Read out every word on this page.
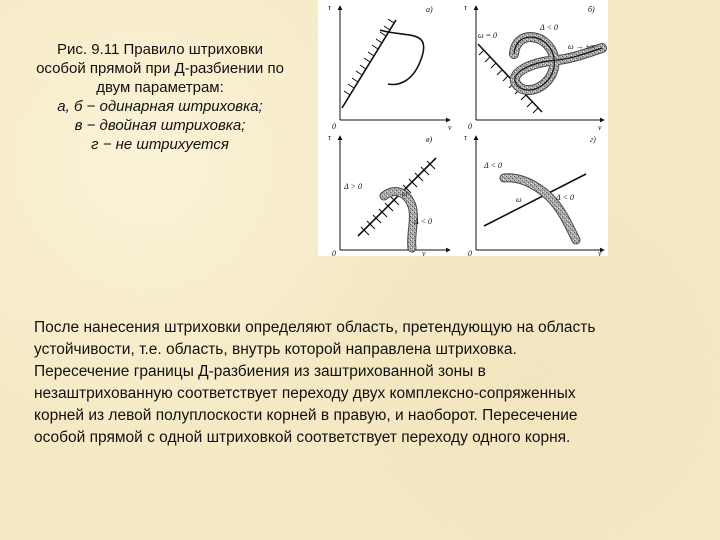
Рис. 9.11 Правило штриховки
особой прямой при Д-разбиении по
двум параметрам:
а, б − одинарная штриховка;
в − двойная штриховка;
г − не штрихуется
τ
ν
0
a)	τ
ν
0
б)
ω = 0
Δ < 0
ω → ±∞
τ
ν
0
в)
Δ > 0
ω
Δ < 0
τ
ν
0
г)
Δ < 0
ω	Δ < 0

После нанесения штриховки определяют область, претендующую на область

устойчивости, т.е. область, внутрь которой направлена штриховка.

Пересечение границы Д-разбиения из заштрихованной зоны в

незаштрихованную соответствует переходу двух комплексно-сопряженных

корней из левой полуплоскости корней в правую, и наоборот. Пересечение

особой прямой с одной штриховкой соответствует переходу одного корня.
